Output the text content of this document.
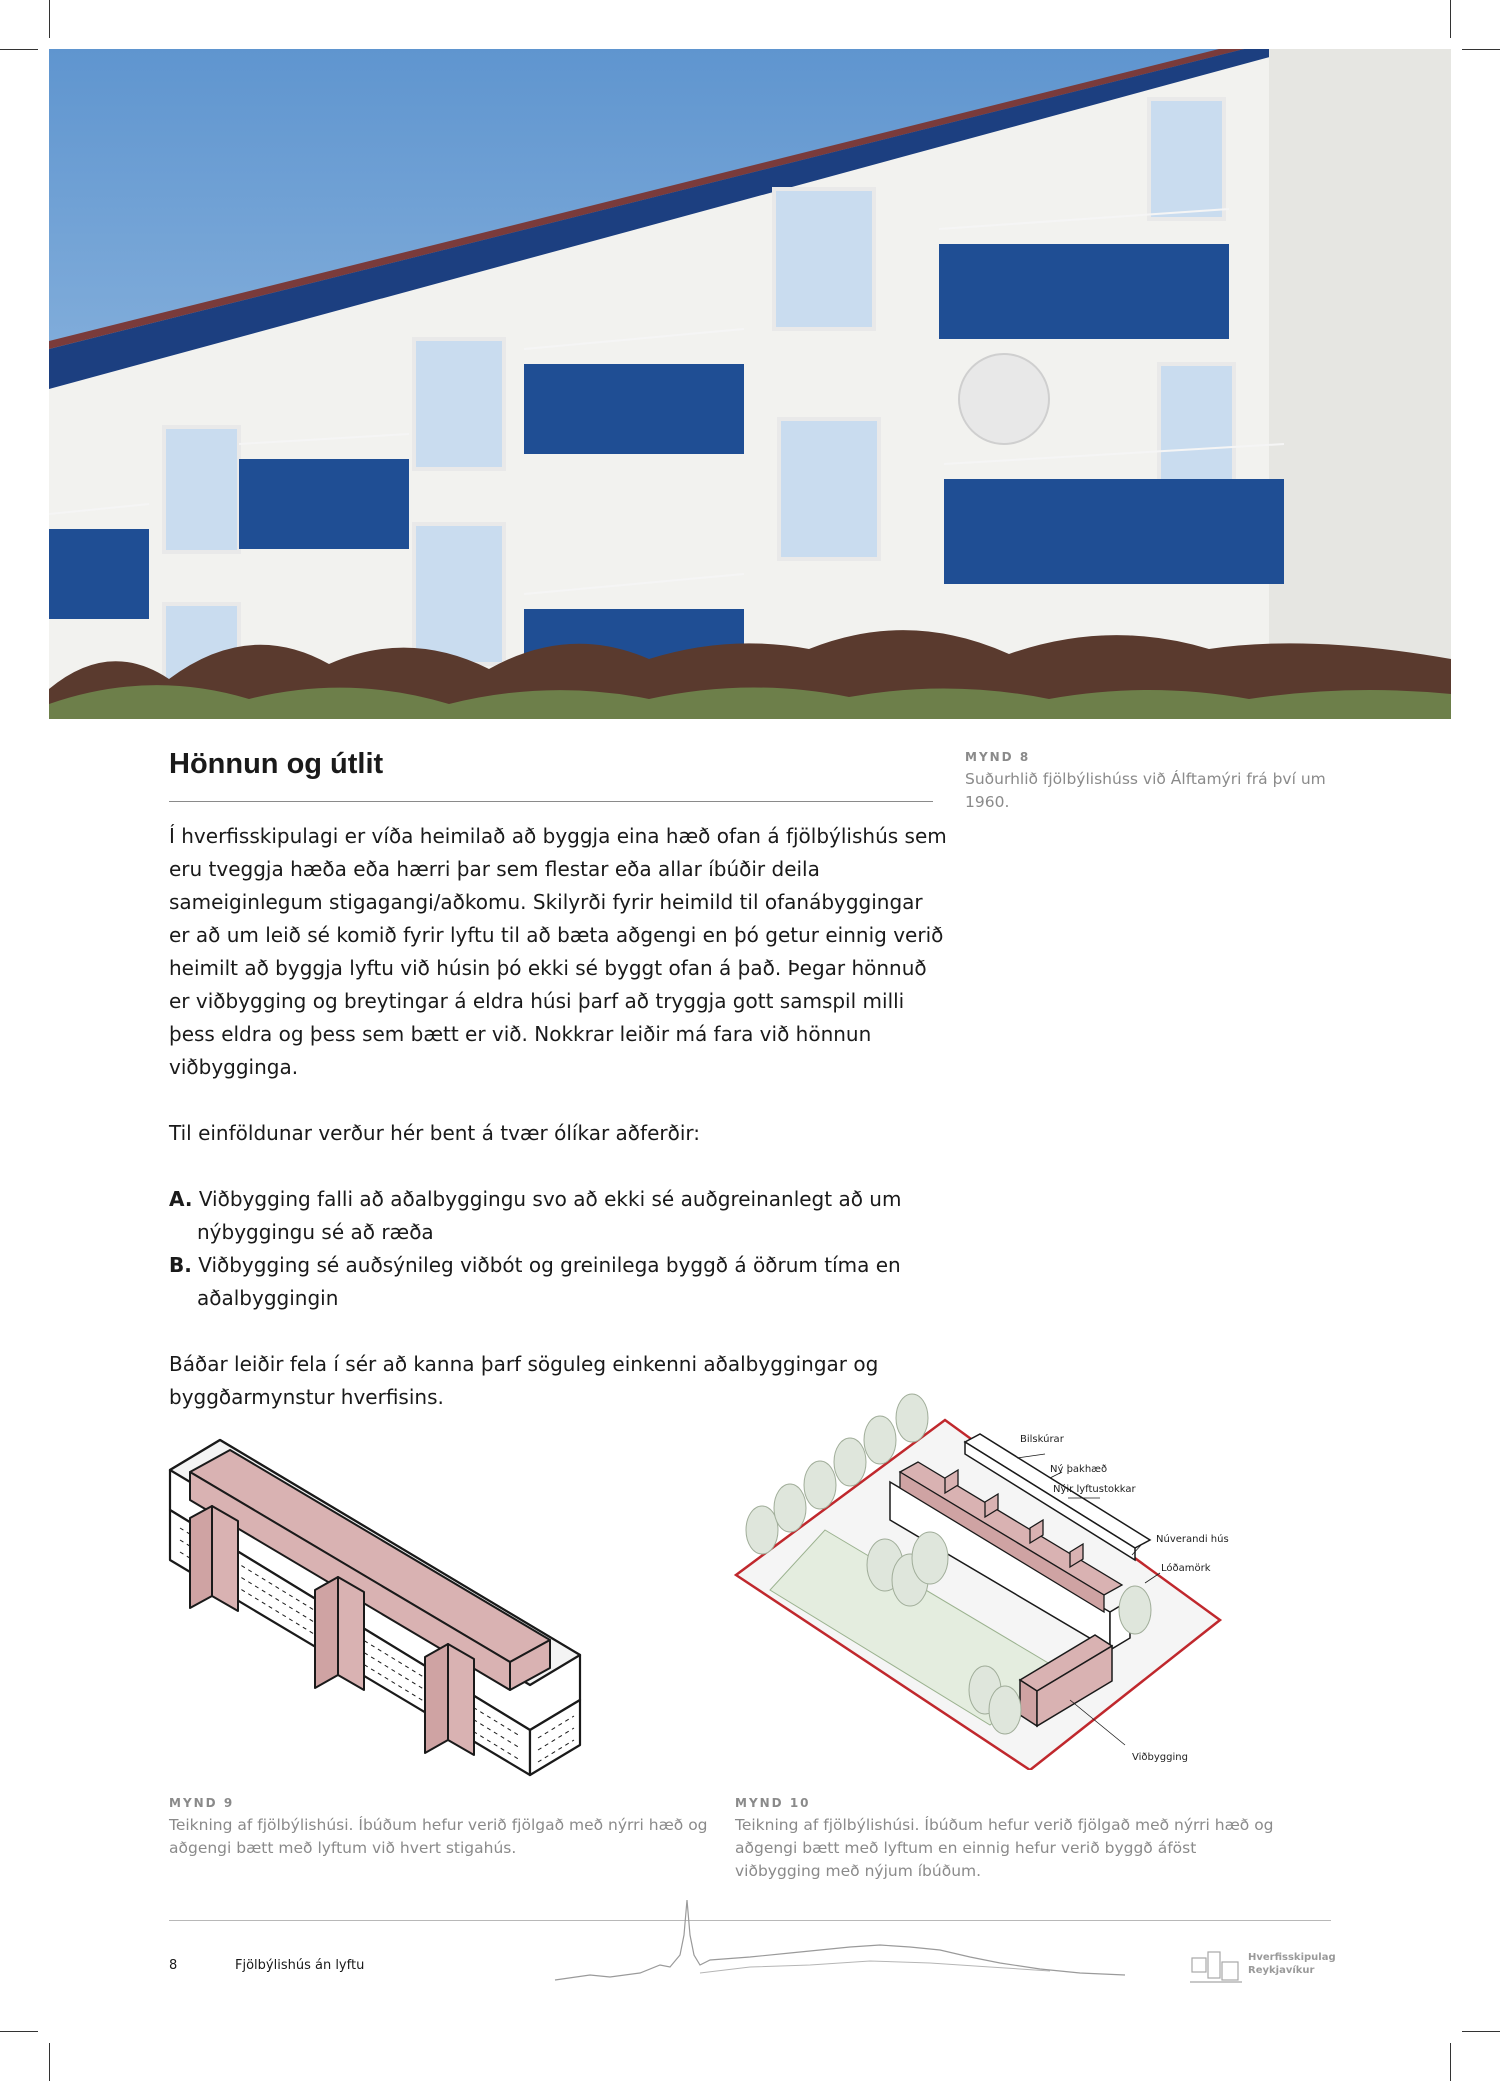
Hönnun og útlit	MYND 8
Suðurhlið fjölbýlishúss við Álftamýri frá því um 1960.

Í hverfisskipulagi er víða heimilað að byggja eina hæð ofan á fjölbýlishús sem eru tveggja hæða eða hærri þar sem flestar eða allar íbúðir deila sameiginlegum stigagangi/aðkomu. Skilyrði fyrir heimild til ofanábyggingar er að um leið sé komið fyrir lyftu til að bæta aðgengi en þó getur einnig verið heimilt að byggja lyftu við húsin þó ekki sé byggt ofan á það. Þegar hönnuð er viðbygging og breytingar á eldra húsi þarf að tryggja gott samspil milli þess eldra og þess sem bætt er við. Nokkrar leiðir má fara við hönnun viðbygginga.

Til einföldunar verður hér bent á tvær ólíkar aðferðir:

A. Viðbygging falli að aðalbyggingu svo að ekki sé auðgreinanlegt að um nýbyggingu sé að ræða
B. Viðbygging sé auðsýnileg viðbót og greinilega byggð á öðrum tíma en aðalbyggingin

Báðar leiðir fela í sér að kanna þarf söguleg einkenni aðalbyggingar og byggðarmynstur hverfisins.

Bilskúrar
Ný þakhæð
Nýir lyftustokkar
Núverandi hús
Lóðamörk
Viðbygging
MYND 9
Teikning af fjölbýlishúsi. Íbúðum hefur verið fjölgað með nýrri hæð og aðgengi bætt með lyftum við hvert stigahús.
MYND 10
Teikning af fjölbýlishúsi. Íbúðum hefur verið fjölgað með nýrri hæð og aðgengi bætt með lyftum en einnig hefur verið byggð áföst viðbygging með nýjum íbúðum.
8	Fjölbýlishús án lyftu
Hverfisskipulag
Reykjavíkur
